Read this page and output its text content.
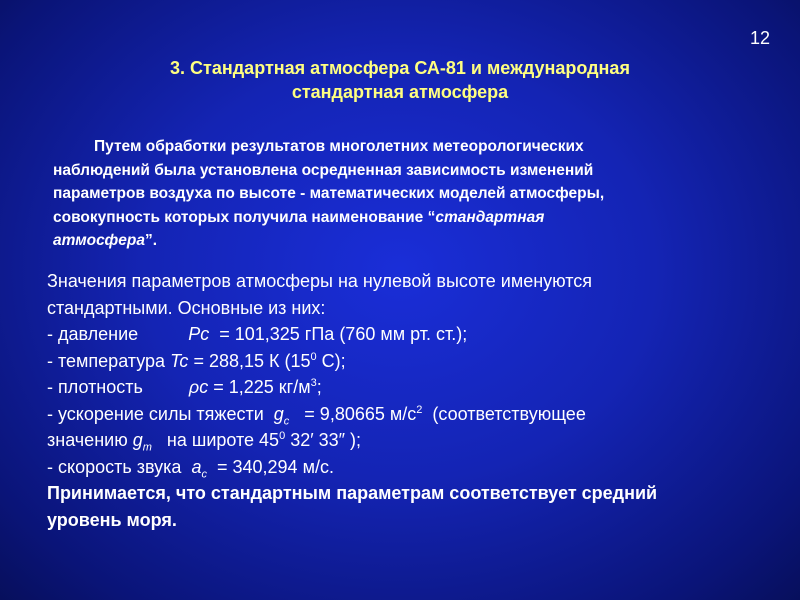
12
3. Стандартная атмосфера СА-81 и международная
стандартная атмосфера
Путем обработки результатов многолетних метеорологических
наблюдений была установлена осредненная зависимость изменений
параметров воздуха по высоте - математических моделей атмосферы,
совокупность которых получила наименование “стандартная
атмосфера”.
Значения параметров атмосферы на нулевой высоте именуются
стандартными. Основные из них:
- давление	Pc = 101,325 гПа (760 мм рт. ст.);
- температура Tc = 288,15 К ($15^0$ С);
- плотность	ρc = 1,225 $кг/м^3$;
- ускорение силы тяжести $g_c = 9,80665$ $м/с^2$ (соответствующее
значению $g_m$ на широте $45^0$ 32′ 33″ );
- скорость звука $a_c = 340,294$ м/с.
Принимается, что стандартным параметрам соответствует средний
уровень моря.
